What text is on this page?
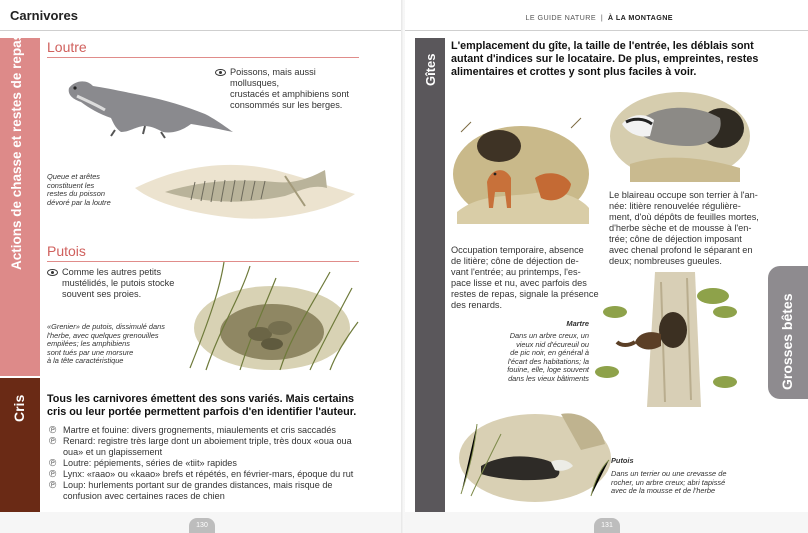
Carnivores
Actions de chasse et restes de repas
Cris
Loutre
Poissons, mais aussi mollusques,
crustacés et amphibiens sont
consommés sur les berges.
Queue et arêtes
constituent les
restes du poisson
dévoré par la loutre
Putois
Comme les autres petits
mustélidés, le putois stocke
souvent ses proies.
«Grenier» de putois, dissimulé dans
l'herbe, avec quelques grenouilles
empilées; les amphibiens
sont tués par une morsure
à la tête caractéristique
Tous les carnivores émettent des sons variés. Mais certains cris ou leur portée permettent parfois d'en identifier l'auteur.
℗ Martre et fouine: divers grognements, miaulements et cris saccadés
℗ Renard: registre très large dont un aboiement triple, très doux «oua oua oua» et un glapissement
℗ Loutre: pépiements, séries de «tiit» rapides
℗ Lynx: «raao» ou «kaao» brefs et répétés, en février-mars, époque du rut
℗ Loup: hurlements portant sur de grandes distances, mais risque de confusion avec certaines races de chien
130
LE GUIDE NATURE  |  À LA MONTAGNE
Gîtes
L'emplacement du gîte, la taille de l'entrée, les déblais sont autant d'indices sur le locataire. De plus, empreintes, restes alimentaires et crottes y sont plus faciles à voir.
Le blaireau occupe son terrier à l'an-
née: litière renouvelée régulière-
ment, d'où dépôts de feuilles mortes,
d'herbe sèche et de mousse à l'en-
trée; cône de déjection imposant
avec chenal profond le séparant en
deux; nombreuses gueules.
Occupation temporaire, absence
de litière; cône de déjection de-
vant l'entrée; au printemps, l'es-
pace lisse et nu, avec parfois des
restes de repas, signale la présence
des renards.
Martre
Dans un arbre creux, un
vieux nid d'écureuil ou
de pic noir, en général à
l'écart des habitations; la
fouine, elle, loge souvent
dans les vieux bâtiments
Putois
Dans un terrier ou une crevasse de
rocher, un arbre creux; abri tapissé
avec de la mousse et de l'herbe
Grosses bêtes
131
